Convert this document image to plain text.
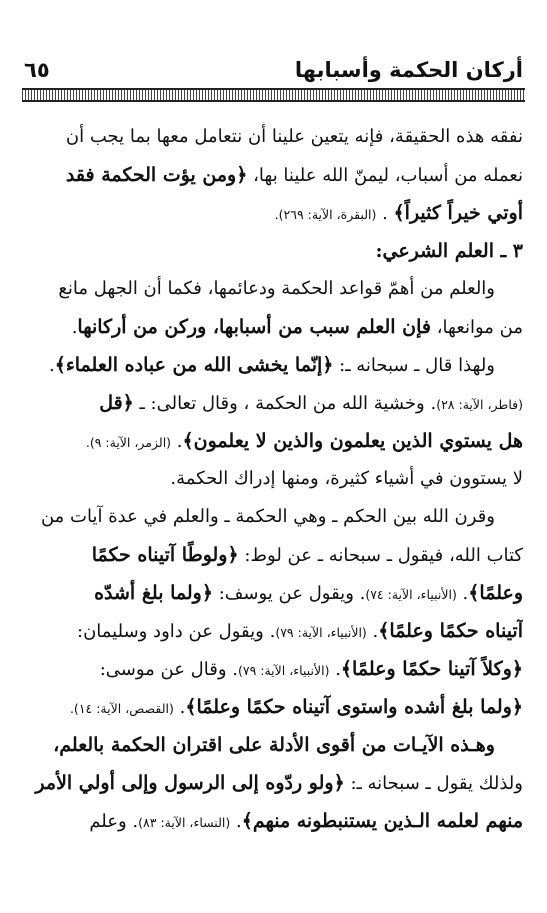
أركان الحكمة وأسبابها
٦٥
نفقه هذه الحقيقة، فإنه يتعين علينا أن نتعامل معها بما يجب أن
نعمله من أسباب، ليمنّ الله علينا بها، ﴿ومن يؤت الحكمة فقد
أوتي خيراً كثيراً﴾ . (البقرة، الآية: ٢٦٩).
٣ ـ العلم الشرعي:
والعلم من أهمّ قواعد الحكمة ودعائمها، فكما أن الجهل مانع
من موانعها، فإن العلم سبب من أسبابها، وركن من أركانها.
ولهذا قال ـ سبحانه ـ: ﴿إنّما يخشى الله من عباده العلماء﴾.
(فاطر، الآية: ٢٨). وخشية الله من الحكمة ، وقال تعالى: ـ ﴿قل
هل يستوي الذين يعلمون والذين لا يعلمون﴾. (الزمر، الآية: ٩).
لا يستوون في أشياء كثيرة، ومنها إدراك الحكمة.
وقرن الله بين الحكم ـ وهي الحكمة ـ والعلم في عدة آيات من
كتاب الله، فيقول ـ سبحانه ـ عن لوط: ﴿ولوطًا آتيناه حكمًا
وعلمًا﴾. (الأنبياء، الآية: ٧٤). ويقول عن يوسف: ﴿ولما بلغ أشدّه
آتيناه حكمًا وعلمًا﴾. (الأنبياء، الآية: ٧٩). ويقول عن داود وسليمان:
﴿وكلاً آتينا حكمًا وعلمًا﴾. (الأنبياء، الآية: ٧٩). وقال عن موسى:
﴿ولما بلغ أشده واستوى آتيناه حكمًا وعلمًا﴾. (القصص، الآية: ١٤).
وهـذه الآيـات من أقوى الأدلة على اقتران الحكمة بالعلم،
ولذلك يقول ـ سبحانه ـ: ﴿ولو ردّوه إلى الرسول وإلى أولي الأمر
منهم لعلمه الـذين يستنبطونه منهم﴾. (النساء، الآية: ٨٣). وعلم
